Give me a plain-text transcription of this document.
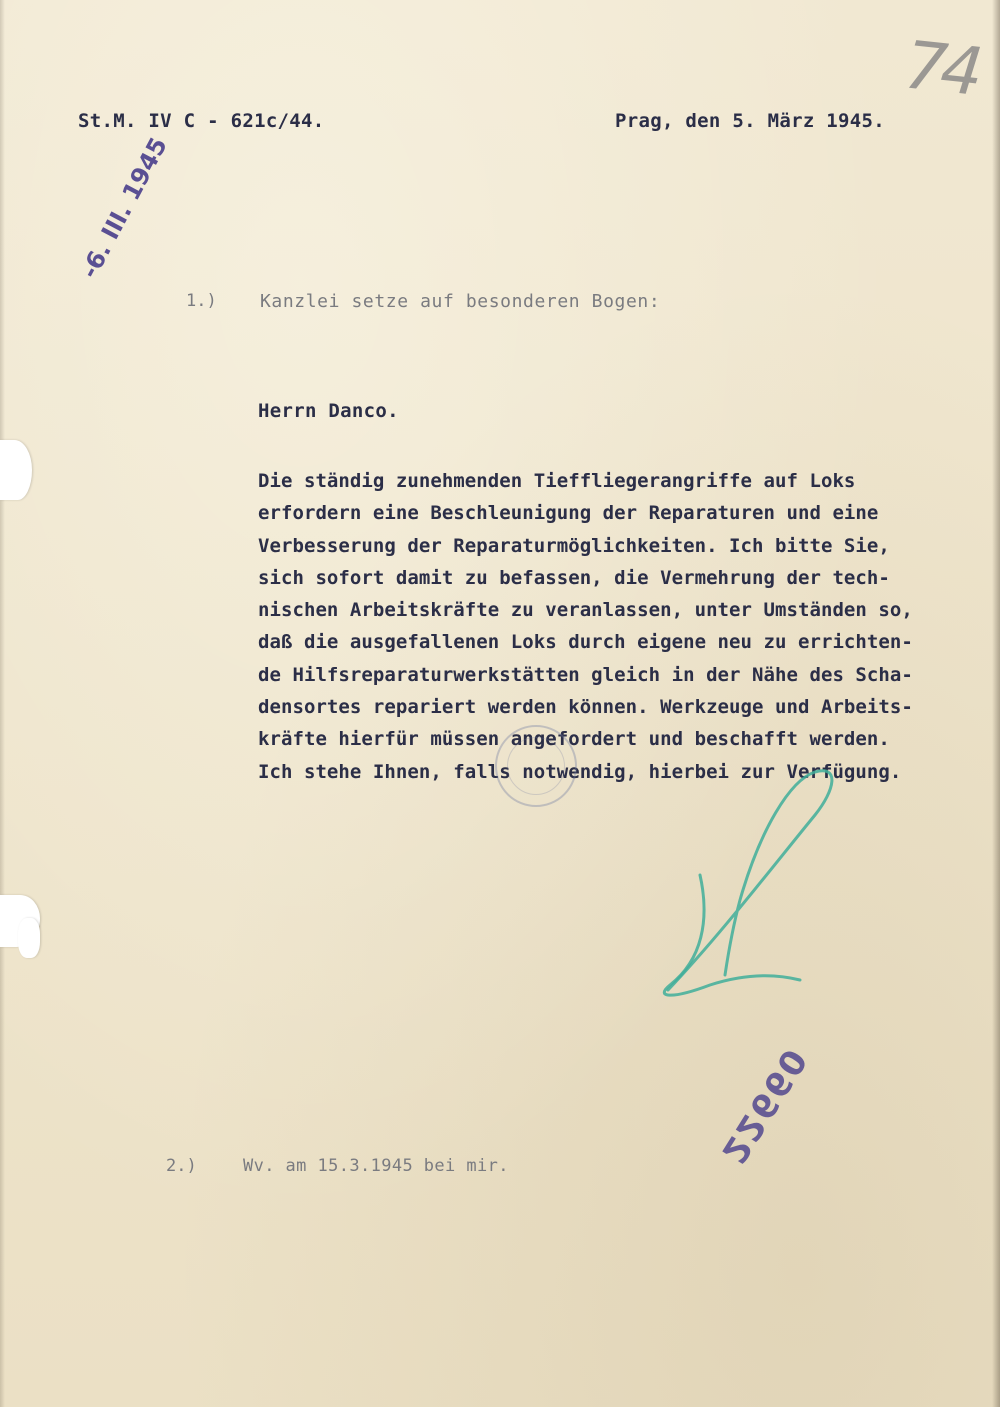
74
St.M. IV C - 621c/44.	Prag, den 5. März 1945.
-6. III. 1945
1.) Kanzlei setze auf besonderen Bogen:
Herrn Danco.
Die ständig zunehmenden Tieffliegerangriffe auf Loks
erfordern eine Beschleunigung der Reparaturen und eine
Verbesserung der Reparaturmöglichkeiten. Ich bitte Sie,
sich sofort damit zu befassen, die Vermehrung der tech-
nischen Arbeitskräfte zu veranlassen, unter Umständen so,
daß die ausgefallenen Loks durch eigene neu zu errichten-
de Hilfsreparaturwerkstätten gleich in der Nähe des Scha-
densortes repariert werden können. Werkzeuge und Arbeits-
kräfte hierfür müssen angefordert und beschafft werden.
Ich stehe Ihnen, falls notwendig, hierbei zur Verfügung.
22660
2.)	Wv. am 15.3.1945 bei mir.
